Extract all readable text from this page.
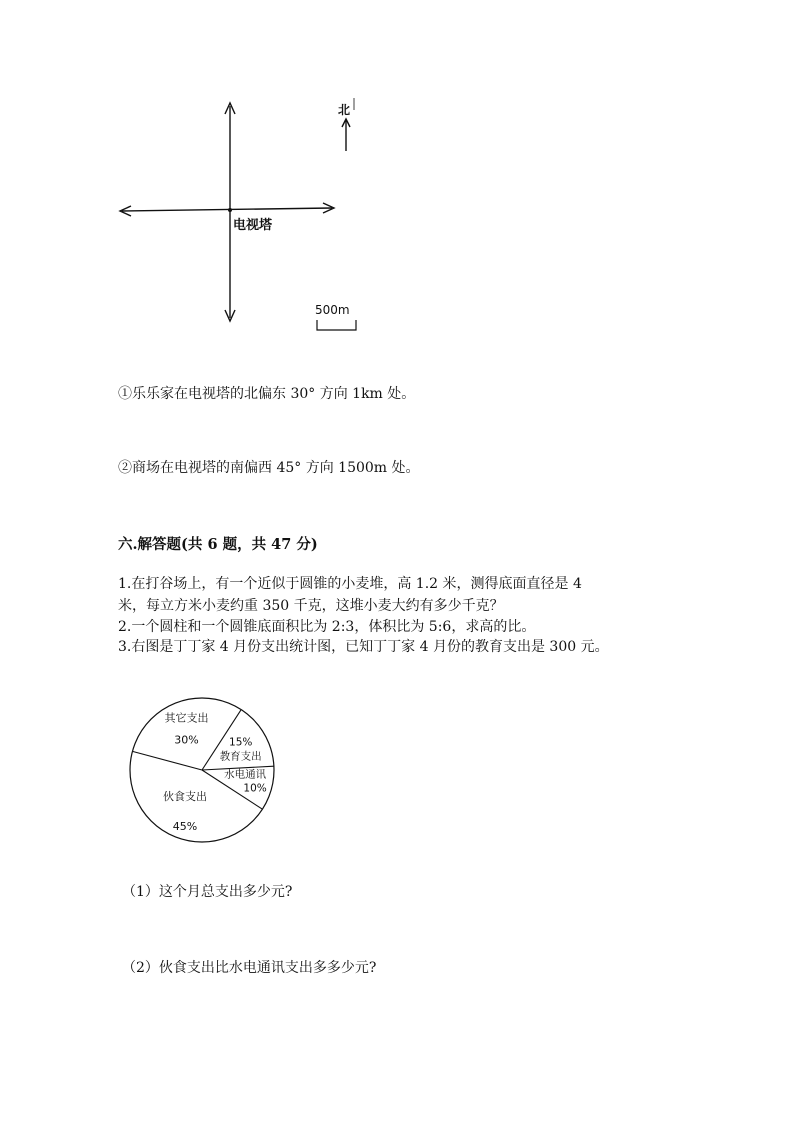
电视塔
北
500m
①乐乐家在电视塔的北偏东 30° 方向 1km 处。
②商场在电视塔的南偏西 45° 方向 1500m 处。
六.解答题(共 6 题，共 47 分)
1.在打谷场上，有一个近似于圆锥的小麦堆，高 1.2 米，测得底面直径是 4
米，每立方米小麦约重 350 千克，这堆小麦大约有多少千克？
2.一个圆柱和一个圆锥底面积比为 2:3，体积比为 5:6，求高的比。
3.右图是丁丁家 4 月份支出统计图，已知丁丁家 4 月份的教育支出是 300 元。
其它支出
30%	15%
教育支出
水电通讯
10%
伙食支出
45%
（1）这个月总支出多少元?
（2）伙食支出比水电通讯支出多多少元?
